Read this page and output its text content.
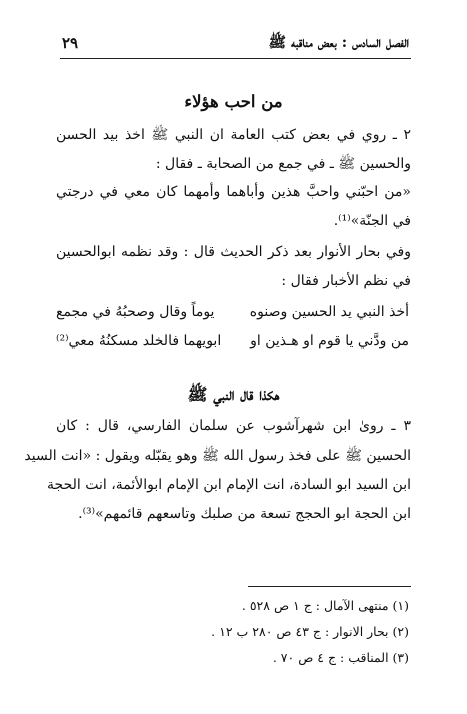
الفصل السادس : بعض مناقبه ﷺ
٢٩
من احب هؤلاء
٢ ـ روي في بعض كتب العامة ان النبي ﷺ اخذ بيد الحسن
والحسين ﷺ ـ في جمع من الصحابة ـ فقال :
«من احبّني واحبَّ هذين وأباهما وأمهما كان معي في درجتي
في الجنّة»⁽¹⁾.
وفي بحار الأنوار بعد ذكر الحديث قال : وقد نظمه ابوالحسين
في نظم الأخبار فقال :
أخذ النبي يد الحسين وصنوه
يوماً وقال وصحبُهُ في مجمع
من ودَّني يا قوم او هـذين او
ابويهما فالخلد مسكنُهُ معي⁽²⁾
هكذا قال النبي ﷺ
٣ ـ روىٰ ابن شهرآشوب عن سلمان الفارسي، قال : كان
الحسين ﷺ على فخذ رسول الله ﷺ وهو يقبّله ويقول : «انت السيد
ابن السيد ابو السادة، انت الإمام ابن الإمام ابوالأئمة، انت الحجة
ابن الحجة ابو الحجج تسعة من صلبك وتاسعهم قائمهم»⁽³⁾.
(١) منتهى الآمال : ج ١ ص ٥٢٨ .
(٢) بحار الانوار : ج ٤٣ ص ٢٨٠ ب ١٢ .
(٣) المناقب : ج ٤ ص ٧٠ .
